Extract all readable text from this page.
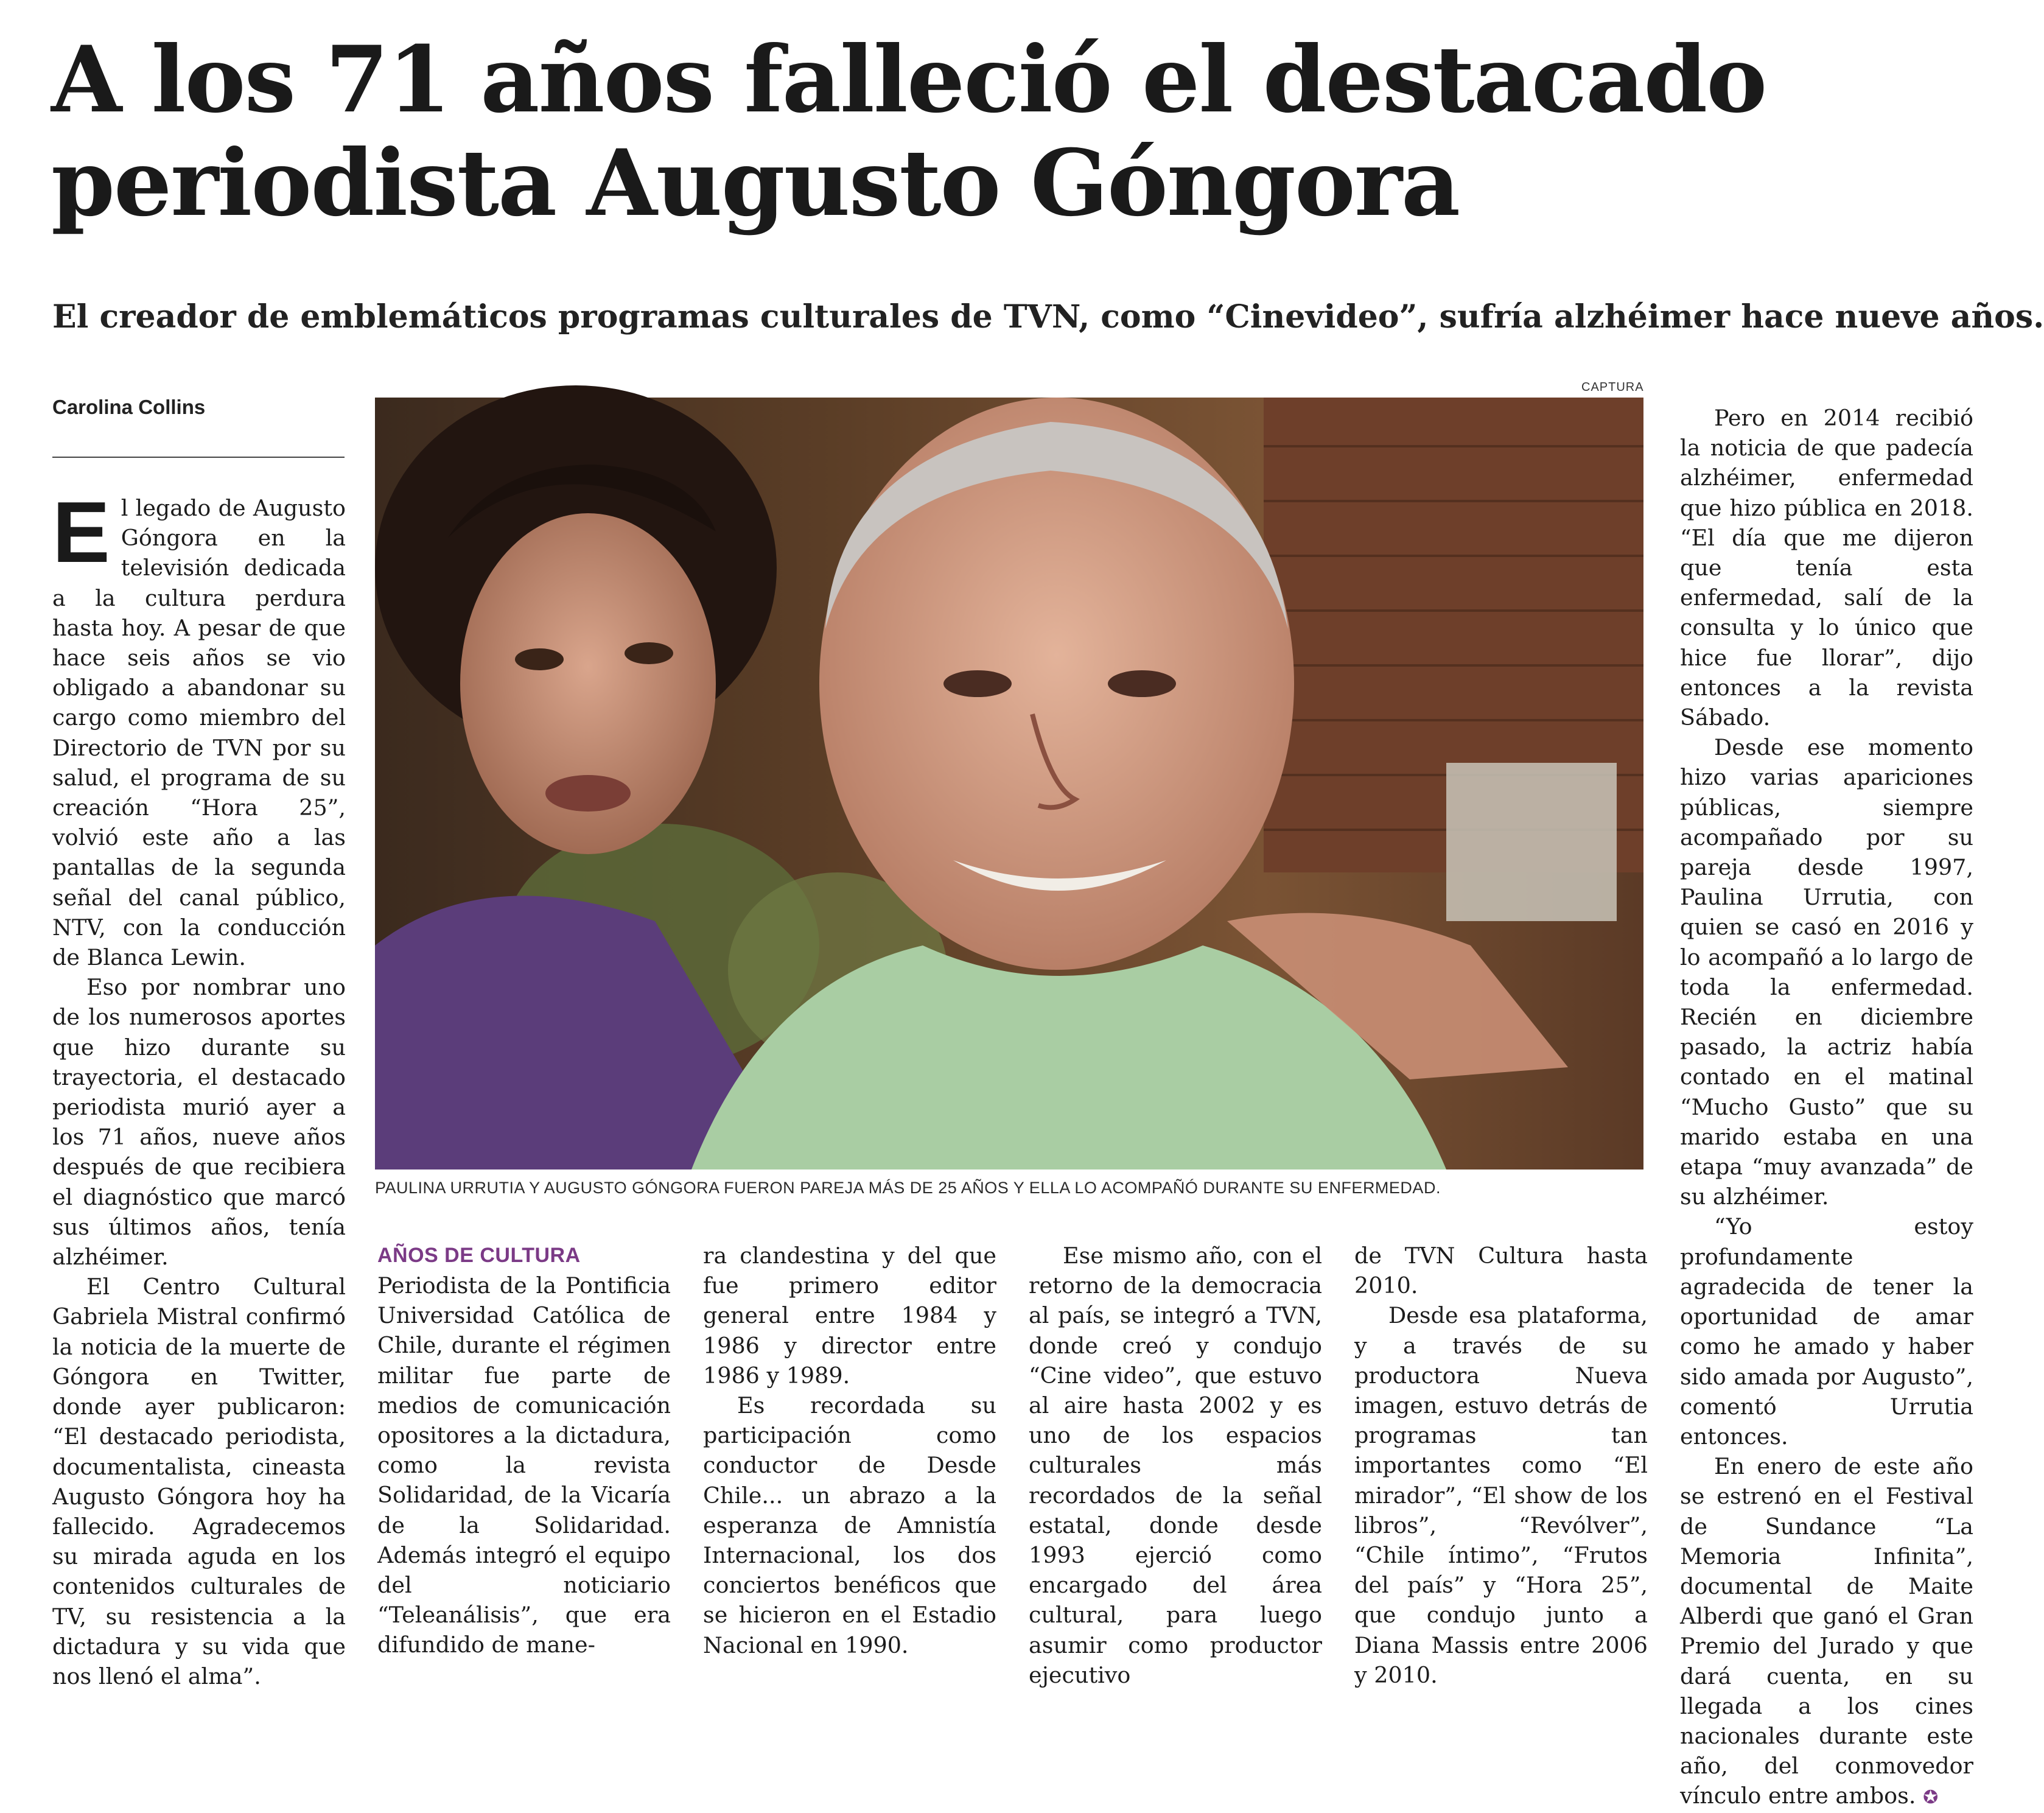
A los 71 años falleció el destacado
periodista Augusto Góngora
El creador de emblemáticos programas culturales de TVN, como “Cinevideo”, sufría alzhéimer hace nueve años.
Carolina Collins
CAPTURA
PAULINA URRUTIA Y AUGUSTO GÓNGORA FUERON PAREJA MÁS DE 25 AÑOS Y ELLA LO ACOMPAÑÓ DURANTE SU ENFERMEDAD.

El legado de Augusto Góngora en la televisión dedicada a la cultura perdura hasta hoy. A pesar de que hace seis años se vio obligado a abandonar su cargo como miembro del Directorio de TVN por su salud, el programa de su creación “Hora 25”, volvió este año a las pantallas de la segunda señal del canal público, NTV, con la conducción de Blanca Lewin.

Eso por nombrar uno de los numerosos aportes que hizo durante su trayectoria, el destacado periodista murió ayer a los 71 años, nueve años después de que recibiera el diagnóstico que marcó sus últimos años, tenía alzhéimer.

El Centro Cultural Gabriela Mistral confirmó la noticia de la muerte de Góngora en Twitter, donde ayer publicaron: “El destacado periodista, documentalista, cineasta Augusto Góngora hoy ha fallecido. Agradecemos su mirada aguda en los contenidos culturales de TV, su resistencia a la dictadura y su vida que nos llenó el alma”.

AÑOS DE CULTURA

Periodista de la Pontificia Universidad Católica de Chile, durante el régimen militar fue parte de medios de comunicación opositores a la dictadura, como la revista Solidaridad, de la Vicaría de la Solidaridad. Además integró el equipo del noticiario “Teleanálisis”, que era difundido de mane-

ra clandestina y del que fue primero editor general entre 1984 y 1986 y director entre 1986 y 1989.

Es recordada su participación como conductor de Desde Chile... un abrazo a la esperanza de Amnistía Internacional, los dos conciertos benéficos que se hicieron en el Estadio Nacional en 1990.

Ese mismo año, con el retorno de la democracia al país, se integró a TVN, donde creó y condujo “Cine video”, que estuvo al aire hasta 2002 y es uno de los espacios culturales más recordados de la señal estatal, donde desde 1993 ejerció como encargado del área cultural, para luego asumir como productor ejecutivo

de TVN Cultura hasta 2010.

Desde esa plataforma, y a través de su productora Nueva imagen, estuvo detrás de programas tan importantes como “El mirador”, “El show de los libros”, “Revólver”, “Chile íntimo”, “Frutos del país” y “Hora 25”, que condujo junto a Diana Massis entre 2006 y 2010.

Pero en 2014 recibió la noticia de que padecía alzhéimer, enfermedad que hizo pública en 2018. “El día que me dijeron que tenía esta enfermedad, salí de la consulta y lo único que hice fue llorar”, dijo entonces a la revista Sábado.

Desde ese momento hizo varias apariciones públicas, siempre acompañado por su pareja desde 1997, Paulina Urrutia, con quien se casó en 2016 y lo acompañó a lo largo de toda la enfermedad. Recién en diciembre pasado, la actriz había contado en el matinal “Mucho Gusto” que su marido estaba en una etapa “muy avanzada” de su alzhéimer.

“Yo estoy profundamente agradecida de tener la oportunidad de amar como he amado y haber sido amada por Augusto”, comentó Urrutia entonces.

En enero de este año se estrenó en el Festival de Sundance “La Memoria Infinita”, documental de Maite Alberdi que ganó el Gran Premio del Jurado y que dará cuenta, en su llegada a los cines nacionales durante este año, del conmovedor vínculo entre ambos. ✪
